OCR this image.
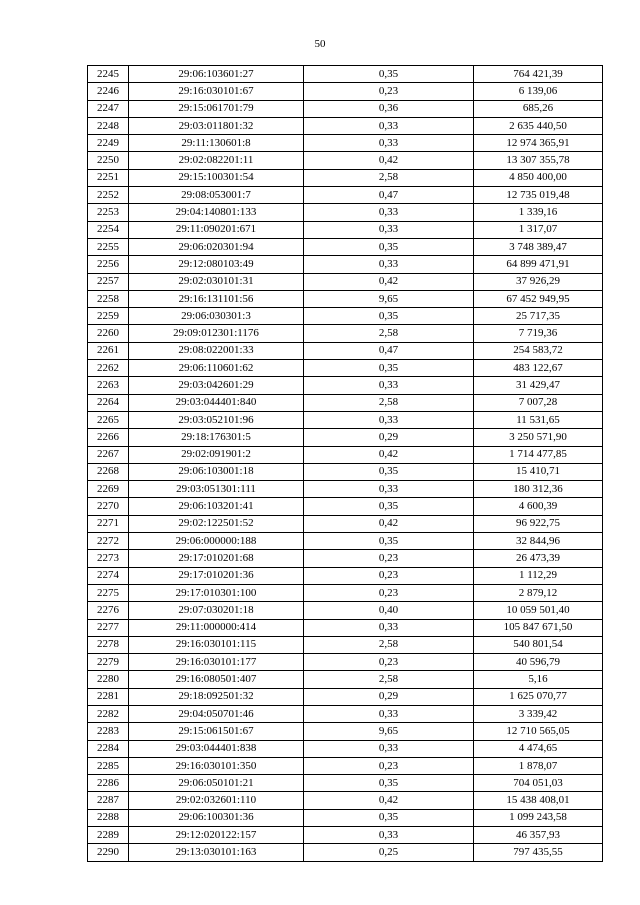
50
2245	29:06:103601:27	0,35	764 421,39
2246	29:16:030101:67	0,23	6 139,06
2247	29:15:061701:79	0,36	685,26
2248	29:03:011801:32	0,33	2 635 440,50
2249	29:11:130601:8	0,33	12 974 365,91
2250	29:02:082201:11	0,42	13 307 355,78
2251	29:15:100301:54	2,58	4 850 400,00
2252	29:08:053001:7	0,47	12 735 019,48
2253	29:04:140801:133	0,33	1 339,16
2254	29:11:090201:671	0,33	1 317,07
2255	29:06:020301:94	0,35	3 748 389,47
2256	29:12:080103:49	0,33	64 899 471,91
2257	29:02:030101:31	0,42	37 926,29
2258	29:16:131101:56	9,65	67 452 949,95
2259	29:06:030301:3	0,35	25 717,35
2260	29:09:012301:1176	2,58	7 719,36
2261	29:08:022001:33	0,47	254 583,72
2262	29:06:110601:62	0,35	483 122,67
2263	29:03:042601:29	0,33	31 429,47
2264	29:03:044401:840	2,58	7 007,28
2265	29:03:052101:96	0,33	11 531,65
2266	29:18:176301:5	0,29	3 250 571,90
2267	29:02:091901:2	0,42	1 714 477,85
2268	29:06:103001:18	0,35	15 410,71
2269	29:03:051301:111	0,33	180 312,36
2270	29:06:103201:41	0,35	4 600,39
2271	29:02:122501:52	0,42	96 922,75
2272	29:06:000000:188	0,35	32 844,96
2273	29:17:010201:68	0,23	26 473,39
2274	29:17:010201:36	0,23	1 112,29
2275	29:17:010301:100	0,23	2 879,12
2276	29:07:030201:18	0,40	10 059 501,40
2277	29:11:000000:414	0,33	105 847 671,50
2278	29:16:030101:115	2,58	540 801,54
2279	29:16:030101:177	0,23	40 596,79
2280	29:16:080501:407	2,58	5,16
2281	29:18:092501:32	0,29	1 625 070,77
2282	29:04:050701:46	0,33	3 339,42
2283	29:15:061501:67	9,65	12 710 565,05
2284	29:03:044401:838	0,33	4 474,65
2285	29:16:030101:350	0,23	1 878,07
2286	29:06:050101:21	0,35	704 051,03
2287	29:02:032601:110	0,42	15 438 408,01
2288	29:06:100301:36	0,35	1 099 243,58
2289	29:12:020122:157	0,33	46 357,93
2290	29:13:030101:163	0,25	797 435,55
